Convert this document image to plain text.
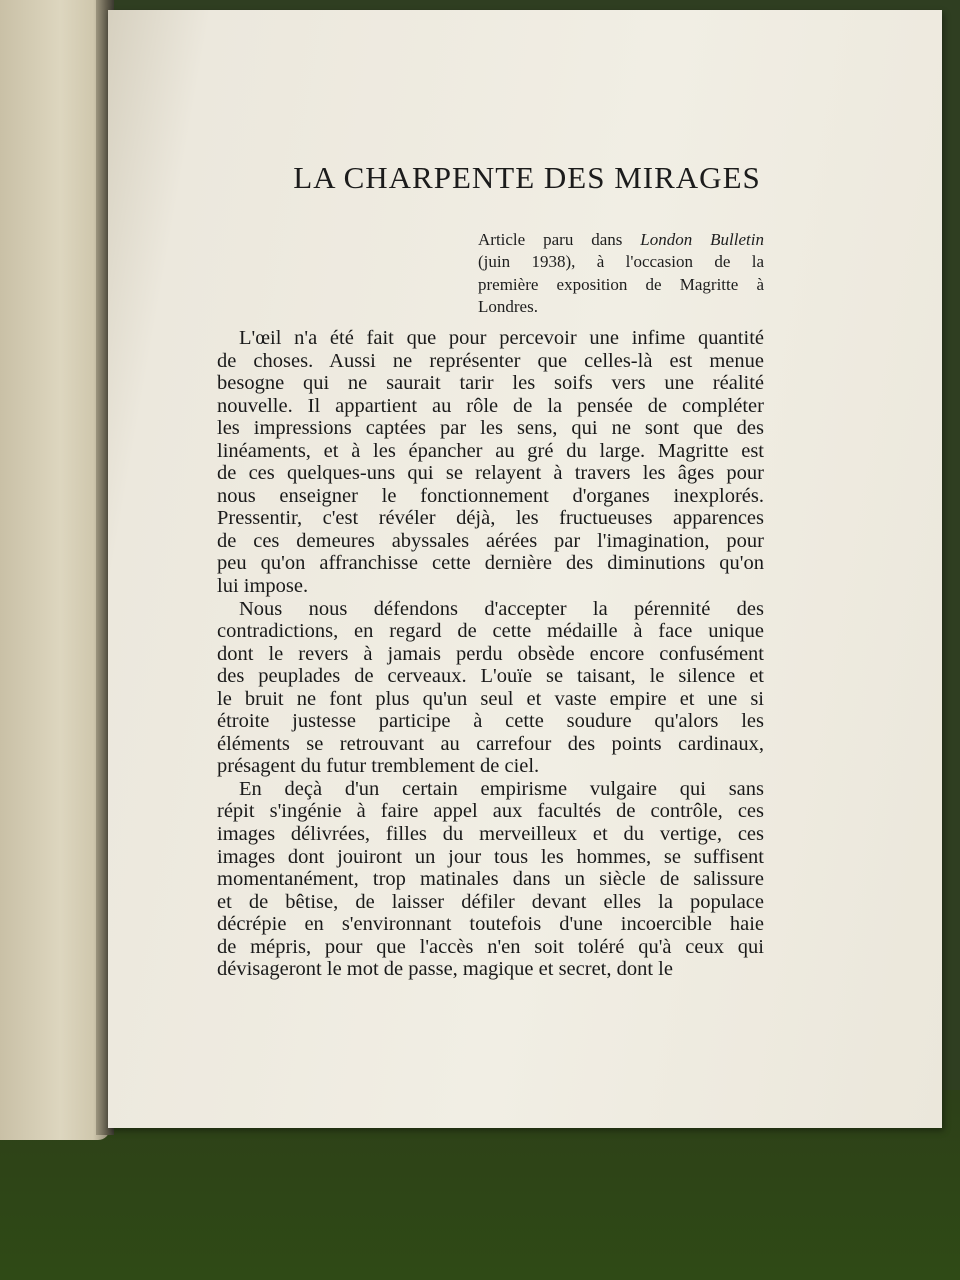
LA CHARPENTE DES MIRAGES

Article paru dans London Bulletin
(juin 1938), à l'occasion de la
première exposition de Magritte à
Londres.

L'œil n'a été fait que pour percevoir une infime quantité
de choses. Aussi ne représenter que celles-là est menue
besogne qui ne saurait tarir les soifs vers une réalité
nouvelle. Il appartient au rôle de la pensée de compléter
les impressions captées par les sens, qui ne sont que des
linéaments, et à les épancher au gré du large. Magritte est
de ces quelques-uns qui se relayent à travers les âges pour
nous enseigner le fonctionnement d'organes inexplorés.
Pressentir, c'est révéler déjà, les fructueuses apparences
de ces demeures abyssales aérées par l'imagination, pour
peu qu'on affranchisse cette dernière des diminutions qu'on
lui impose.
Nous nous défendons d'accepter la pérennité des
contradictions, en regard de cette médaille à face unique
dont le revers à jamais perdu obsède encore confusément
des peuplades de cerveaux. L'ouïe se taisant, le silence et
le bruit ne font plus qu'un seul et vaste empire et une si
étroite justesse participe à cette soudure qu'alors les
éléments se retrouvant au carrefour des points cardinaux,
présagent du futur tremblement de ciel.
En deçà d'un certain empirisme vulgaire qui sans
répit s'ingénie à faire appel aux facultés de contrôle, ces
images délivrées, filles du merveilleux et du vertige, ces
images dont jouiront un jour tous les hommes, se suffisent
momentanément, trop matinales dans un siècle de salissure
et de bêtise, de laisser défiler devant elles la populace
décrépie en s'environnant toutefois d'une incoercible haie
de mépris, pour que l'accès n'en soit toléré qu'à ceux qui
dévisageront le mot de passe, magique et secret, dont le
